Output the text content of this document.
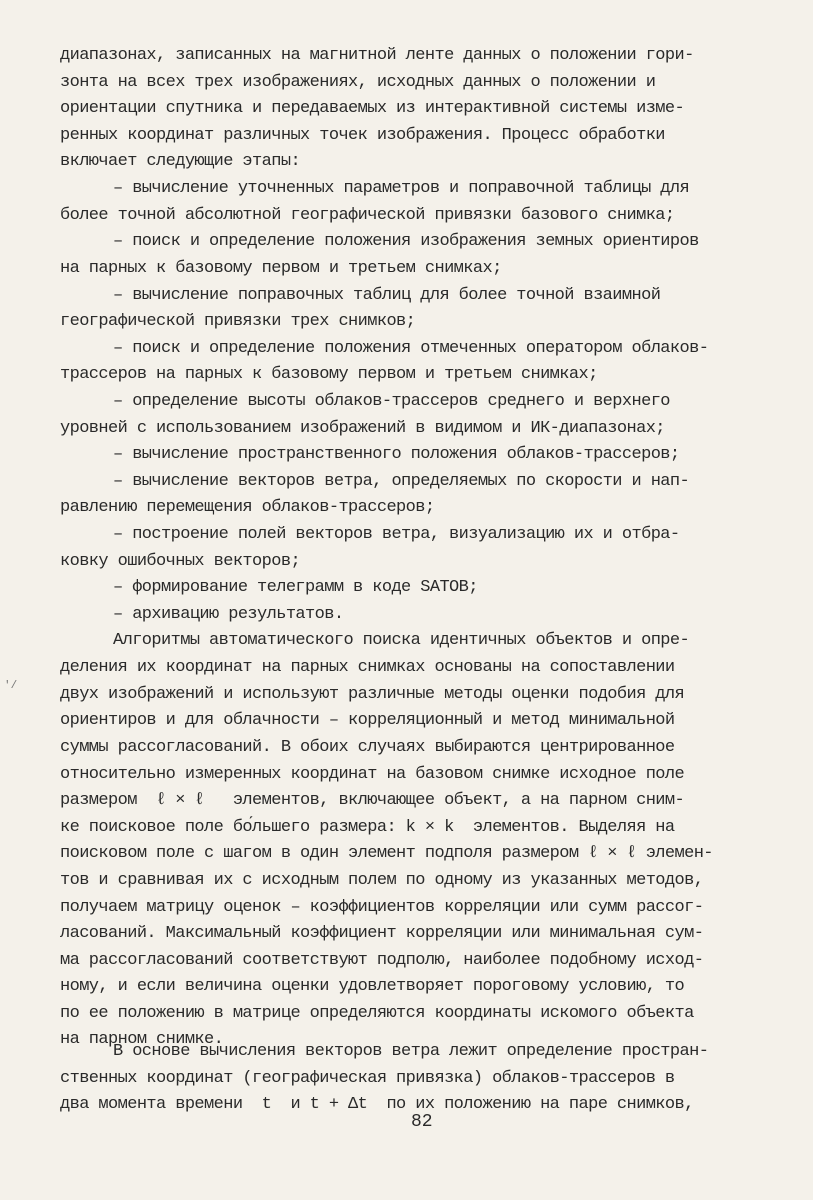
'/
диапазонах, записанных на магнитной ленте данных о положении гори-
зонта на всех трех изображениях, исходных данных о положении и
ориентации спутника и передаваемых из интерактивной системы изме-
ренных координат различных точек изображения. Процесс обработки
включает следующие этапы:
– вычисление уточненных параметров и поправочной таблицы для
более точной абсолютной географической привязки базового снимка;
– поиск и определение положения изображения земных ориентиров
на парных к базовому первом и третьем снимках;
– вычисление поправочных таблиц для более точной взаимной
географической привязки трех снимков;
– поиск и определение положения отмеченных оператором облаков-
трассеров на парных к базовому первом и третьем снимках;
– определение высоты облаков-трассеров среднего и верхнего
уровней с использованием изображений в видимом и ИК-диапазонах;
– вычисление пространственного положения облаков-трассеров;
– вычисление векторов ветра, определяемых по скорости и нап-
равлению перемещения облаков-трассеров;
– построение полей векторов ветра, визуализацию их и отбра-
ковку ошибочных векторов;
– формирование телеграмм в коде SATOB;
– архивацию результатов.
Алгоритмы автоматического поиска идентичных объектов и опре-
деления их координат на парных снимках основаны на сопоставлении
двух изображений и используют различные методы оценки подобия для
ориентиров и для облачности – корреляционный и метод минимальной
суммы рассогласований. В обоих случаях выбираются центрированное
относительно измеренных координат на базовом снимке исходное поле
размером  ℓ × ℓ   элементов, включающее объект, а на парном сним-
ке поисковое поле бо́льшего размера: k × k  элементов. Выделяя на
поисковом поле с шагом в один элемент подполя размером ℓ × ℓ элемен-
тов и сравнивая их с исходным полем по одному из указанных методов,
получаем матрицу оценок – коэффициентов корреляции или сумм рассог-
ласований. Максимальный коэффициент корреляции или минимальная сум-
ма рассогласований соответствуют подполю, наиболее подобному исход-
ному, и если величина оценки удовлетворяет пороговому условию, то
по ее положению в матрице определяются координаты искомого объекта
на парном снимке.
В основе вычисления векторов ветра лежит определение простран-
ственных координат (географическая привязка) облаков-трассеров в
два момента времени  t  и t + Δt  по их положению на паре снимков,
82
